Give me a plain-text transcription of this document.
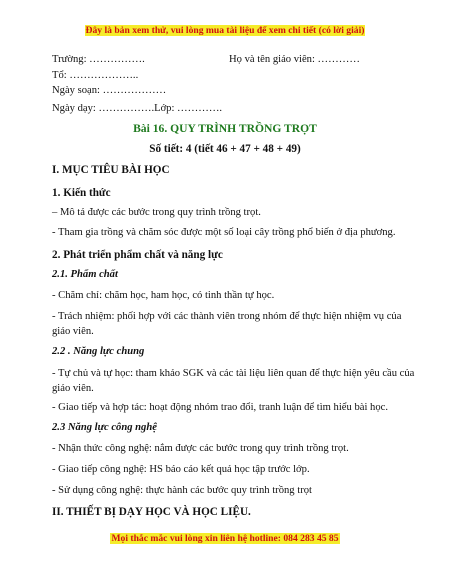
Đây là bản xem thử, vui lòng mua tài liệu để xem chi tiết (có lời giải)
Trường: …………….	Họ và tên giáo viên: …………
Tổ: ………………..
Ngày soạn: ………………
Ngày dạy: …………….Lớp: ………….
Bài 16. QUY TRÌNH TRỒNG TRỌT
Số tiết: 4 (tiết 46 + 47 + 48 + 49)
I. MỤC TIÊU BÀI HỌC
1. Kiến thức
– Mô tả được các bước trong quy trình trồng trọt.
- Tham gia trồng và chăm sóc được một số loại cây trồng phổ biến ở địa phương.
2. Phát triển phẩm chất và năng lực
2.1. Phẩm chất
- Chăm chỉ: chăm học, ham học, có tinh thần tự học.
- Trách nhiệm: phối hợp với các thành viên trong nhóm để thực hiện nhiệm vụ của giáo viên.
2.2 . Năng lực chung
- Tự chủ và tự học: tham khảo SGK và các tài liệu liên quan để thực hiện yêu cầu của giáo viên.
- Giao tiếp và hợp tác: hoạt động nhóm trao đổi, tranh luận để tìm hiểu bài học.
2.3 Năng lực công nghệ
- Nhận thức công nghệ: nắm được các bước trong quy trình trồng trọt.
- Giao tiếp công nghệ: HS báo cáo kết quả học tập trước lớp.
- Sử dụng công nghệ: thực hành các bước quy trình trồng trọt
II. THIẾT BỊ DẠY HỌC VÀ HỌC LIỆU.
Mọi thắc mắc vui lòng xin liên hệ hotline: 084 283 45 85
